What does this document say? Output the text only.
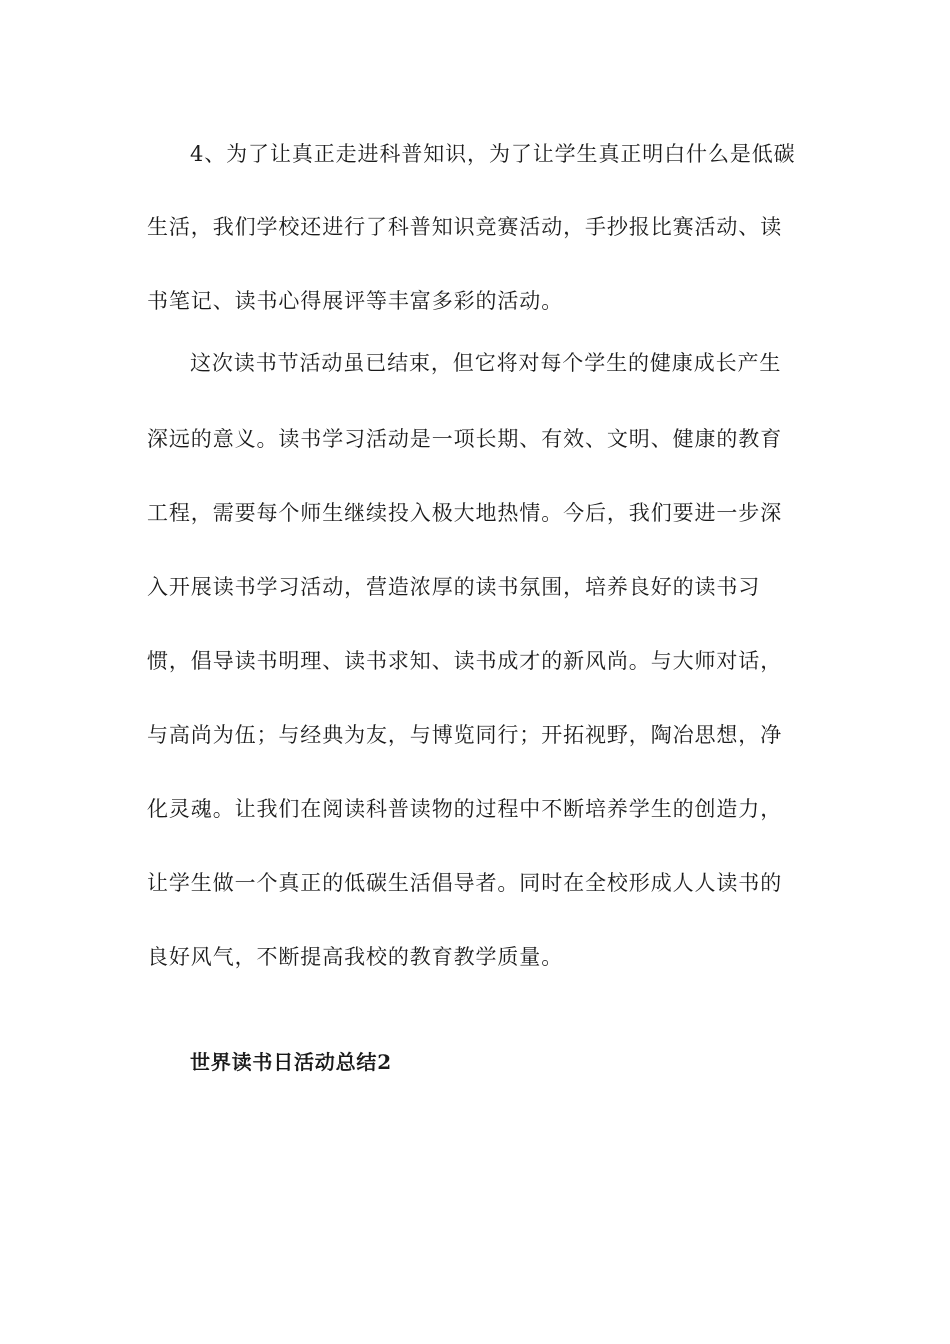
4、为了让真正走进科普知识，为了让学生真正明白什么是低碳
生活，我们学校还进行了科普知识竞赛活动，手抄报比赛活动、读
书笔记、读书心得展评等丰富多彩的活动。
这次读书节活动虽已结束，但它将对每个学生的健康成长产生
深远的意义。读书学习活动是一项长期、有效、文明、健康的教育
工程，需要每个师生继续投入极大地热情。今后，我们要进一步深
入开展读书学习活动，营造浓厚的读书氛围，培养良好的读书习
惯，倡导读书明理、读书求知、读书成才的新风尚。与大师对话，
与高尚为伍；与经典为友，与博览同行；开拓视野，陶冶思想，净
化灵魂。让我们在阅读科普读物的过程中不断培养学生的创造力，
让学生做一个真正的低碳生活倡导者。同时在全校形成人人读书的
良好风气，不断提高我校的教育教学质量。
世界读书日活动总结2
